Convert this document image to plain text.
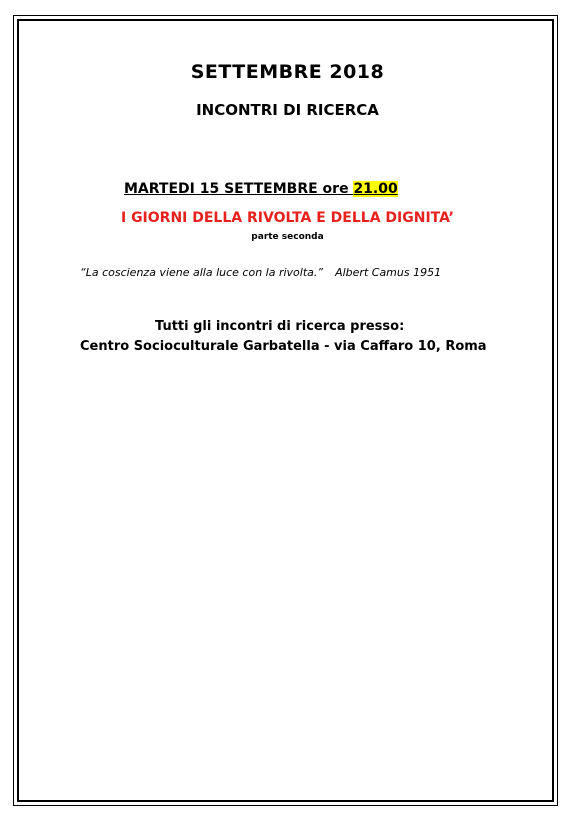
SETTEMBRE 2018
INCONTRI DI RICERCA
MARTEDI 15 SETTEMBRE ore 21.00
I GIORNI DELLA RIVOLTA E DELLA DIGNITA’
parte seconda
“La coscienza viene alla luce con la rivolta.” Albert Camus 1951
Tutti gli incontri di ricerca presso:
Centro Socioculturale Garbatella - via Caffaro 10, Roma
